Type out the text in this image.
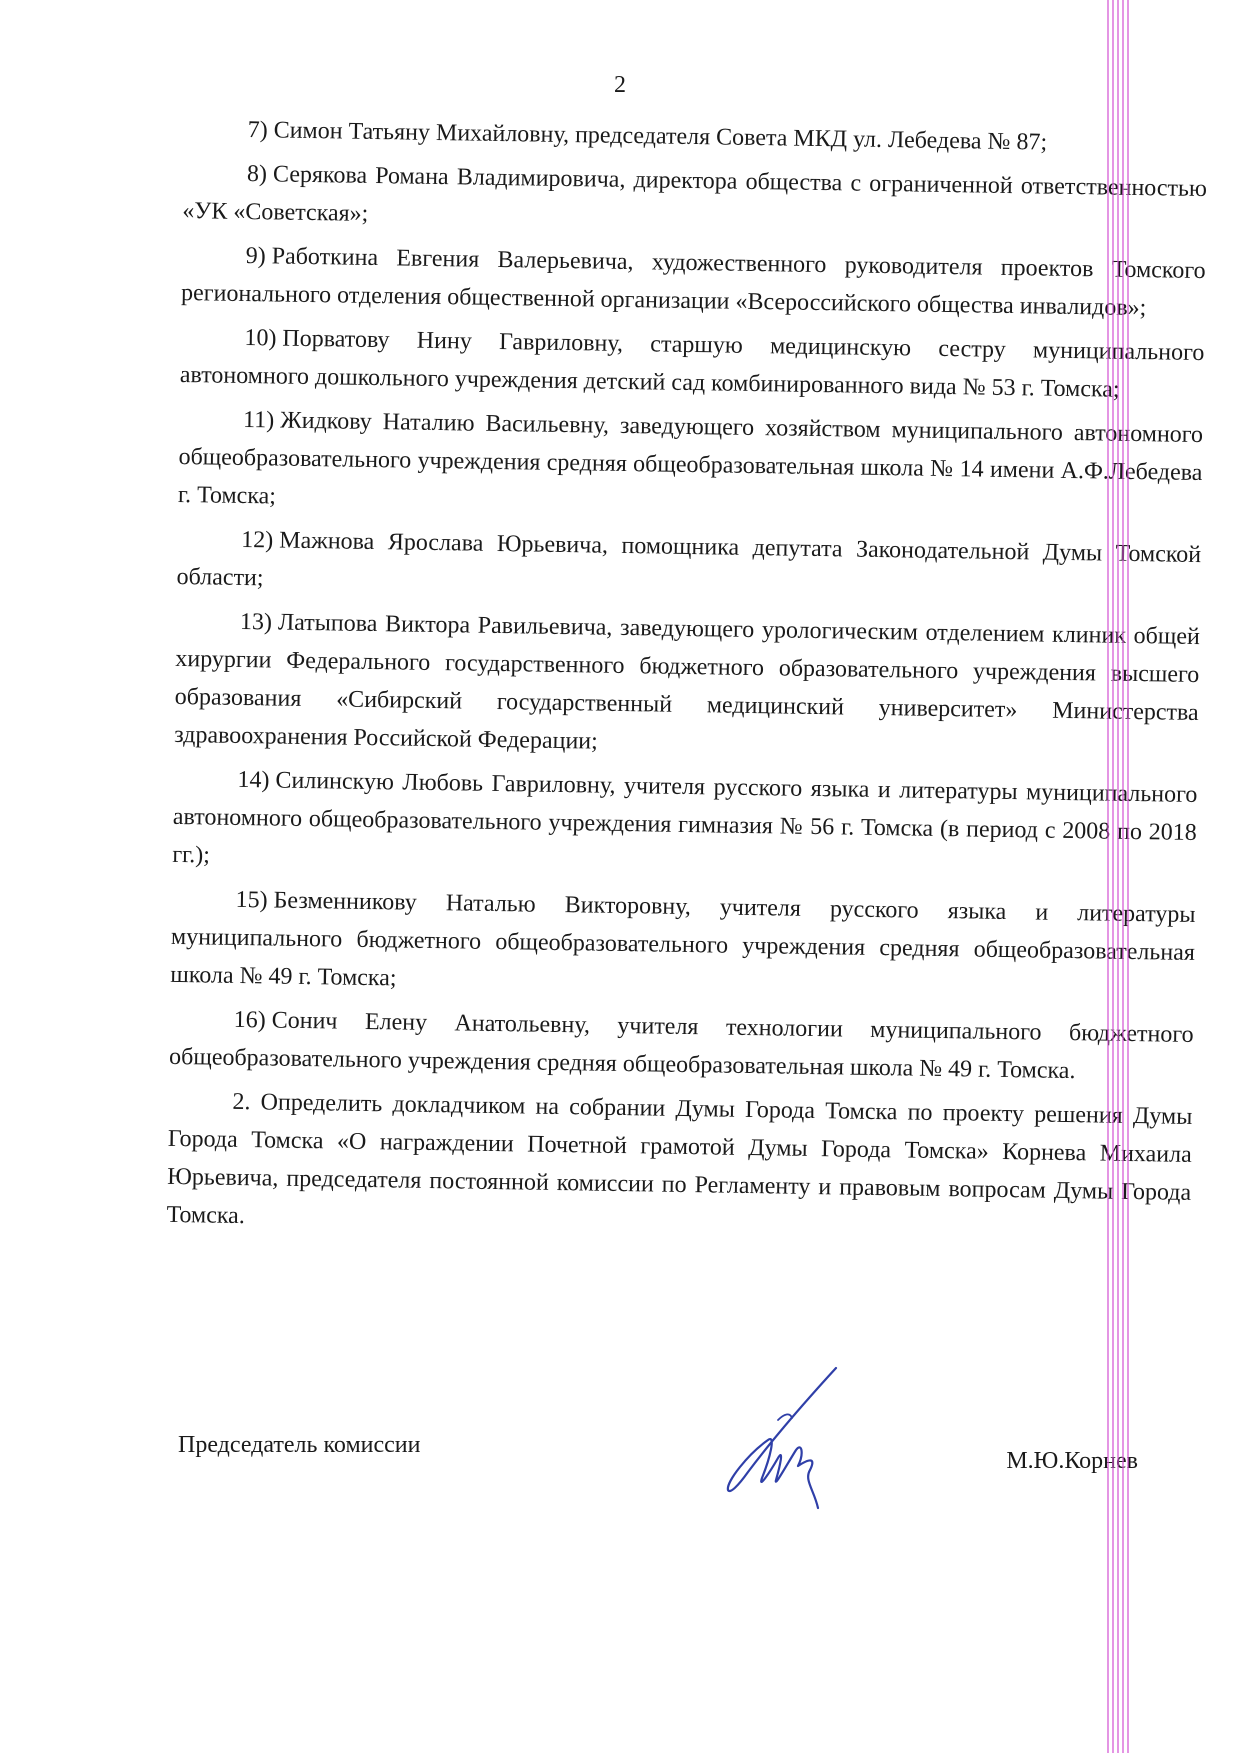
2

7) Симон Татьяну Михайловну, председателя Совета МКД ул. Лебедева № 87;

8) Серякова Романа Владимировича, директора общества с ограниченной ответственностью «УК «Советская»;

9) Работкина Евгения Валерьевича, художественного руководителя проектов Томского регионального отделения общественной организации «Всероссийского общества инвалидов»;

10) Порватову Нину Гавриловну, старшую медицинскую сестру муниципального автономного дошкольного учреждения детский сад комбинированного вида № 53 г. Томска;

11) Жидкову Наталию Васильевну, заведующего хозяйством муниципального автономного общеобразовательного учреждения средняя общеобразовательная школа № 14 имени А.Ф.Лебедева г. Томска;

12) Мажнова Ярослава Юрьевича, помощника депутата Законодательной Думы Томской области;

13) Латыпова Виктора Равильевича, заведующего урологическим отделением клиник общей хирургии Федерального государственного бюджетного образовательного учреждения высшего образования «Сибирский государственный медицинский университет» Министерства здравоохранения Российской Федерации;

14) Силинскую Любовь Гавриловну, учителя русского языка и литературы муниципального автономного общеобразовательного учреждения гимназия № 56 г. Томска (в период с 2008 по 2018 гг.);

15) Безменникову Наталью Викторовну, учителя русского языка и литературы муниципального бюджетного общеобразовательного учреждения средняя общеобразовательная школа № 49 г. Томска;

16) Сонич Елену Анатольевну, учителя технологии муниципального бюджетного общеобразовательного учреждения средняя общеобразовательная школа № 49 г. Томска.

2. Определить докладчиком на собрании Думы Города Томска по проекту решения Думы Города Томска «О награждении Почетной грамотой Думы Города Томска» Корнева Михаила Юрьевича, председателя постоянной комиссии по Регламенту и правовым вопросам Думы Города Томска.

Председатель комиссии
М.Ю.Корнев
